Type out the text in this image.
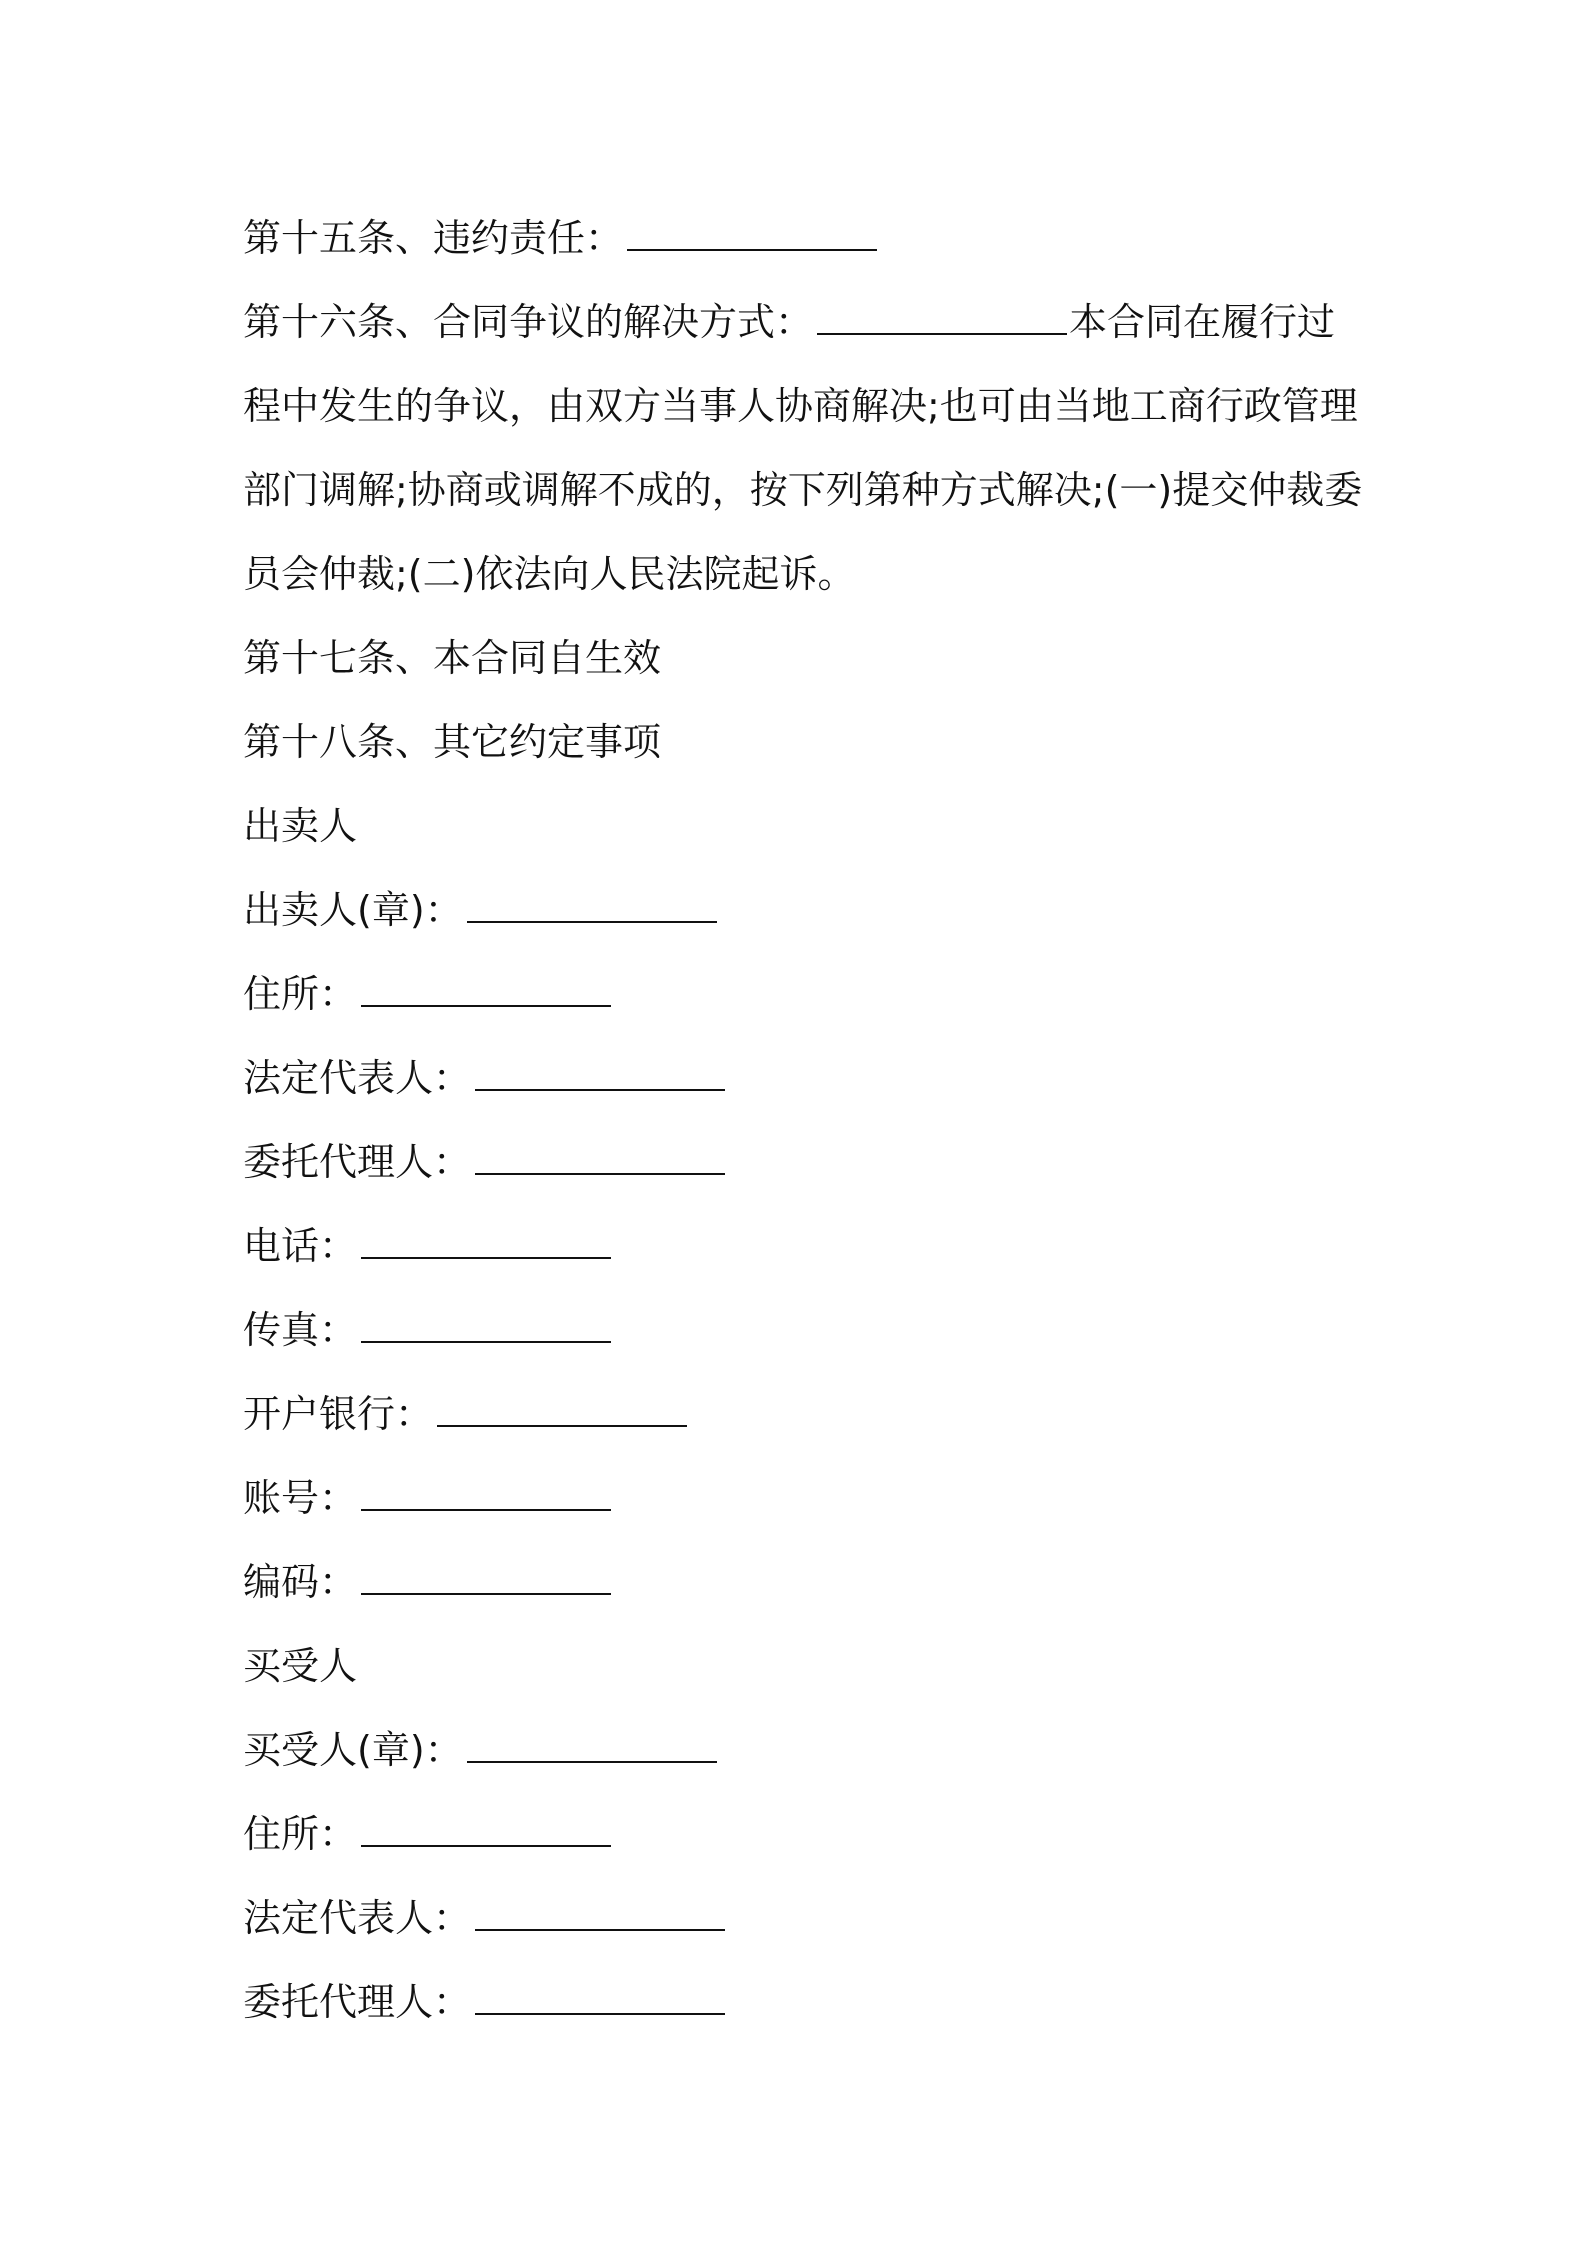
第十五条、违约责任：

第十六条、合同争议的解决方式：	本合同在履行过程中发生的争议，由双方当事人协商解决;也可由当地工商行政管理部门调解;协商或调解不成的，按下列第种方式解决;(一)提交仲裁委员会仲裁;(二)依法向人民法院起诉。

第十七条、本合同自生效

第十八条、其它约定事项

出卖人

出卖人(章)：

住所：

法定代表人：

委托代理人：

电话：

传真：

开户银行：

账号：

编码：

买受人

买受人(章)：

住所：

法定代表人：

委托代理人：
